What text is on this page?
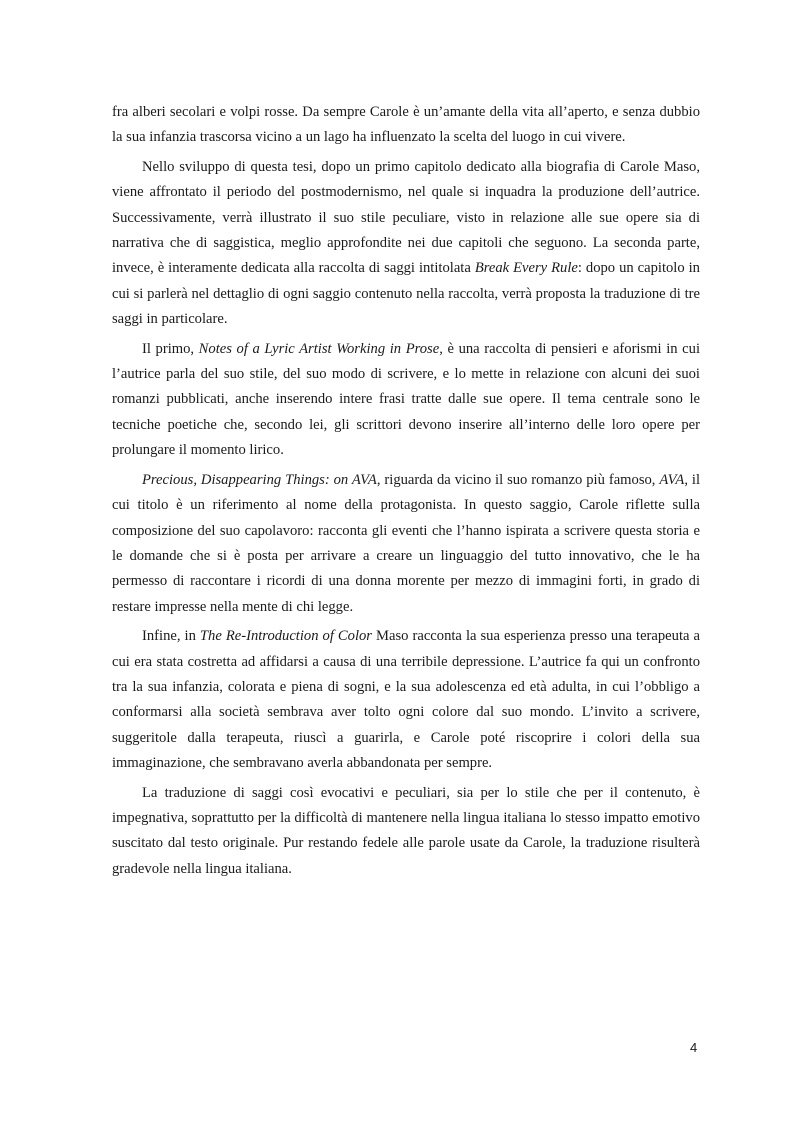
fra alberi secolari e volpi rosse. Da sempre Carole è un’amante della vita all’aperto, e senza dubbio la sua infanzia trascorsa vicino a un lago ha influenzato la scelta del luogo in cui vivere.

Nello sviluppo di questa tesi, dopo un primo capitolo dedicato alla biografia di Carole Maso, viene affrontato il periodo del postmodernismo, nel quale si inquadra la produzione dell’autrice. Successivamente, verrà illustrato il suo stile peculiare, visto in relazione alle sue opere sia di narrativa che di saggistica, meglio approfondite nei due capitoli che seguono. La seconda parte, invece, è interamente dedicata alla raccolta di saggi intitolata Break Every Rule: dopo un capitolo in cui si parlerà nel dettaglio di ogni saggio contenuto nella raccolta, verrà proposta la traduzione di tre saggi in particolare.

Il primo, Notes of a Lyric Artist Working in Prose, è una raccolta di pensieri e aforismi in cui l’autrice parla del suo stile, del suo modo di scrivere, e lo mette in relazione con alcuni dei suoi romanzi pubblicati, anche inserendo intere frasi tratte dalle sue opere. Il tema centrale sono le tecniche poetiche che, secondo lei, gli scrittori devono inserire all’interno delle loro opere per prolungare il momento lirico.

Precious, Disappearing Things: on AVA, riguarda da vicino il suo romanzo più famoso, AVA, il cui titolo è un riferimento al nome della protagonista. In questo saggio, Carole riflette sulla composizione del suo capolavoro: racconta gli eventi che l’hanno ispirata a scrivere questa storia e le domande che si è posta per arrivare a creare un linguaggio del tutto innovativo, che le ha permesso di raccontare i ricordi di una donna morente per mezzo di immagini forti, in grado di restare impresse nella mente di chi legge.

Infine, in The Re-Introduction of Color Maso racconta la sua esperienza presso una terapeuta a cui era stata costretta ad affidarsi a causa di una terribile depressione. L’autrice fa qui un confronto tra la sua infanzia, colorata e piena di sogni, e la sua adolescenza ed età adulta, in cui l’obbligo a conformarsi alla società sembrava aver tolto ogni colore dal suo mondo. L’invito a scrivere, suggeritole dalla terapeuta, riuscì a guarirla, e Carole poté riscoprire i colori della sua immaginazione, che sembravano averla abbandonata per sempre.

La traduzione di saggi così evocativi e peculiari, sia per lo stile che per il contenuto, è impegnativa, soprattutto per la difficoltà di mantenere nella lingua italiana lo stesso impatto emotivo suscitato dal testo originale. Pur restando fedele alle parole usate da Carole, la traduzione risulterà gradevole nella lingua italiana.

4
